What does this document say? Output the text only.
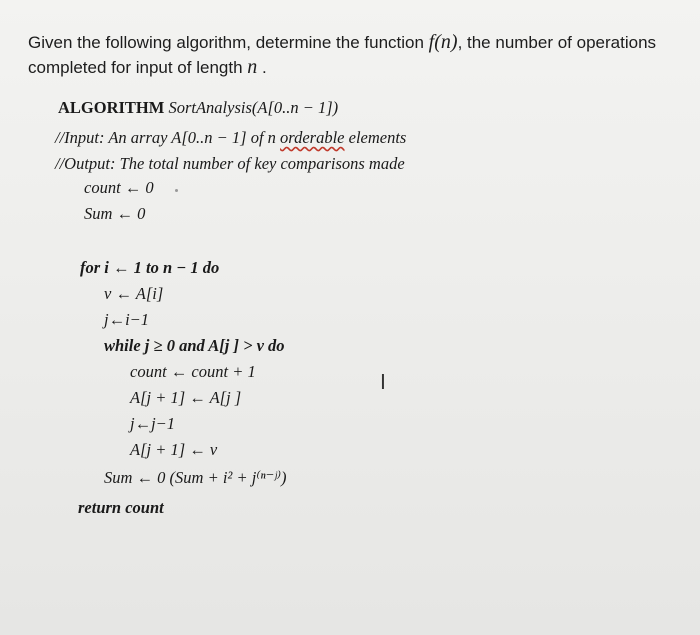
Given the following algorithm, determine the function f(n), the number of operations completed for input of length n .
ALGORITHM SortAnalysis(A[0..n − 1])
//Input: An array A[0..n − 1] of n orderable elements
//Output: The total number of key comparisons made
count ← 0
Sum ← 0
for i ← 1 to n − 1 do
v ← A[i]
j←i−1
while j ≥ 0 and A[j ] > v do
count ← count + 1
A[j + 1] ← A[j ]
j←j−1
A[j + 1] ← v
Sum ← 0 (Sum + i² + j⁽ⁿ⁻ʲ⁾)
return count
I
